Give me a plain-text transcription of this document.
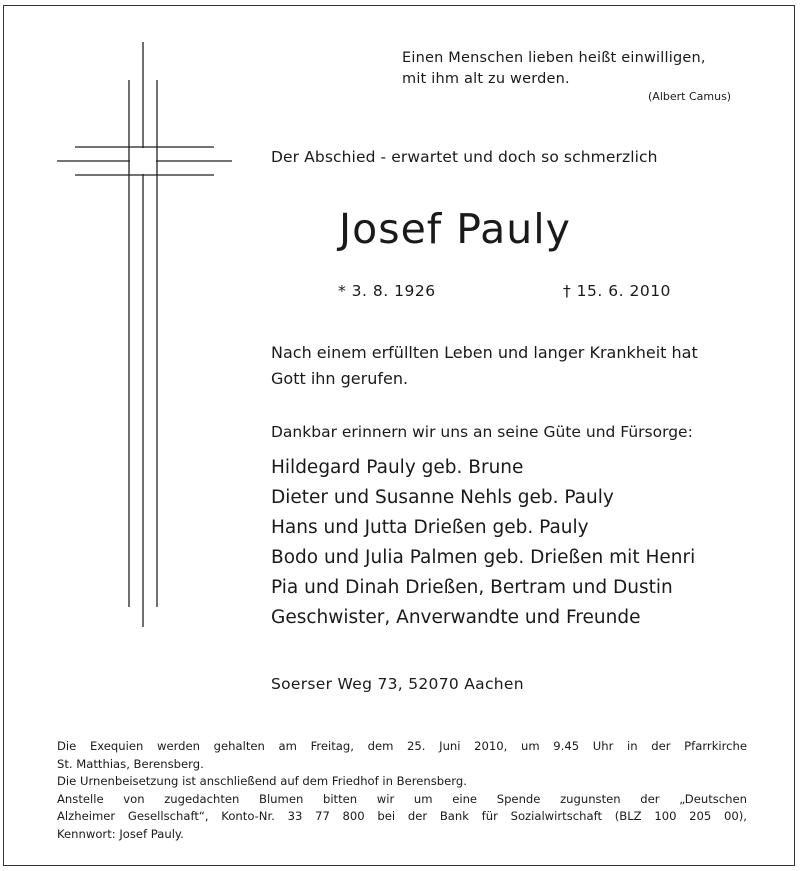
Einen Menschen lieben heißt einwilligen,
mit ihm alt zu werden.
(Albert Camus)
Der Abschied - erwartet und doch so schmerzlich
Josef Pauly
* 3. 8. 1926	† 15. 6. 2010
Nach einem erfüllten Leben und langer Krankheit hat
Gott ihn gerufen.
Dankbar erinnern wir uns an seine Güte und Fürsorge:
Hildegard Pauly geb. Brune
Dieter und Susanne Nehls geb. Pauly
Hans und Jutta Drießen geb. Pauly
Bodo und Julia Palmen geb. Drießen mit Henri
Pia und Dinah Drießen, Bertram und Dustin
Geschwister, Anverwandte und Freunde
Soerser Weg 73, 52070 Aachen

Die Exequien werden gehalten am Freitag, dem 25. Juni 2010, um 9.45 Uhr in der Pfarrkirche

St. Matthias, Berensberg.

Die Urnenbeisetzung ist anschließend auf dem Friedhof in Berensberg.

Anstelle von zugedachten Blumen bitten wir um eine Spende zugunsten der „Deutschen

Alzheimer Gesellschaft“, Konto-Nr. 33 77 800 bei der Bank für Sozialwirtschaft (BLZ 100 205 00),

Kennwort: Josef Pauly.
